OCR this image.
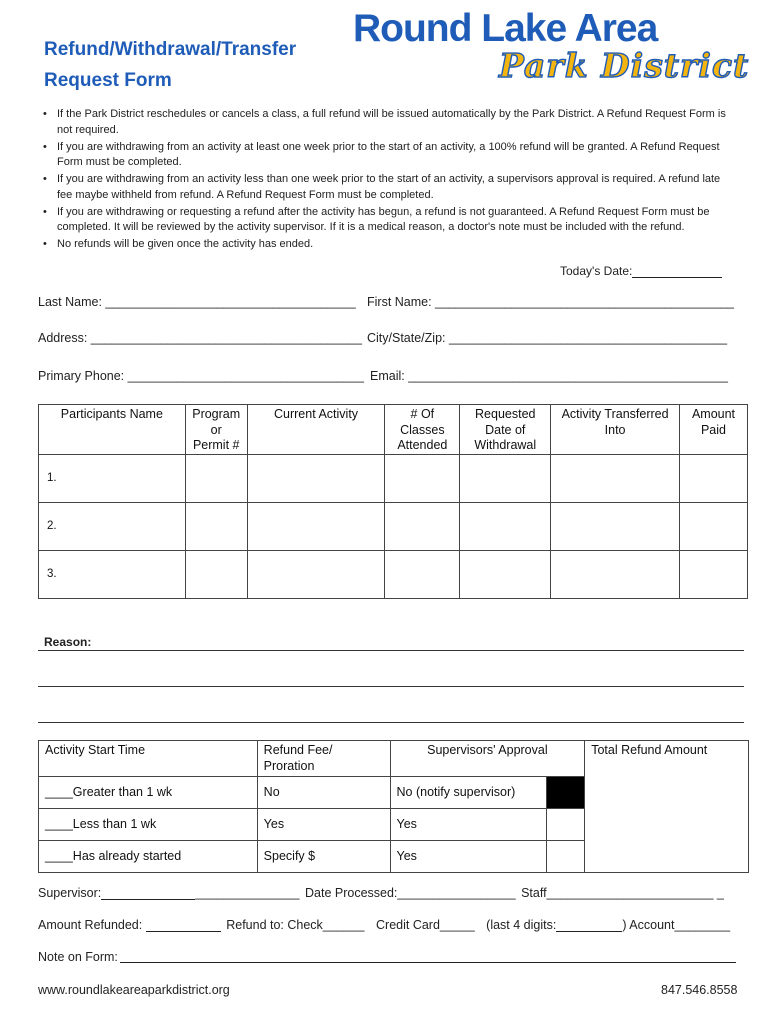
Refund/Withdrawal/Transfer
Request Form
Round Lake Area
Park District
• If the Park District reschedules or cancels a class, a full refund will be issued automatically by the Park District. A Refund Request Form is not required.
• If you are withdrawing from an activity at least one week prior to the start of an activity, a 100% refund will be granted. A Refund Request Form must be completed.
• If you are withdrawing from an activity less than one week prior to the start of an activity, a supervisors approval is required. A refund late fee maybe withheld from refund. A Refund Request Form must be completed.
• If you are withdrawing or requesting a refund after the activity has begun, a refund is not guaranteed. A Refund Request Form must be completed. It will be reviewed by the activity supervisor. If it is a medical reason, a doctor's note must be included with the refund.
• No refunds will be given once the activity has ended.
Today's Date:
Last Name: ____________________________________ First Name: ___________________________________________
Address: _______________________________________ City/State/Zip: ________________________________________
Primary Phone: __________________________________ Email: ______________________________________________
Participants Name	Program or Permit #	Current Activity	# Of Classes Attended	Requested Date of Withdrawal	Activity Transferred Into	Amount Paid
1.						
2.						
3.						
Reason:
Activity Start Time	Refund Fee/ Proration	Supervisors' Approval		Total Refund Amount
____Greater than 1 wk	No	No (notify supervisor)		
____Less than 1 wk	Yes	Yes		
____Has already started	Specify $	Yes		
Supervisor:	_______________ Date Processed:_________________ Staff________________________ _
Amount Refunded:	Refund to: Check______ Credit Card_____ (last 4 digits:	) Account________
Note on Form:
www.roundlakeareaparkdistrict.org	847.546.8558
